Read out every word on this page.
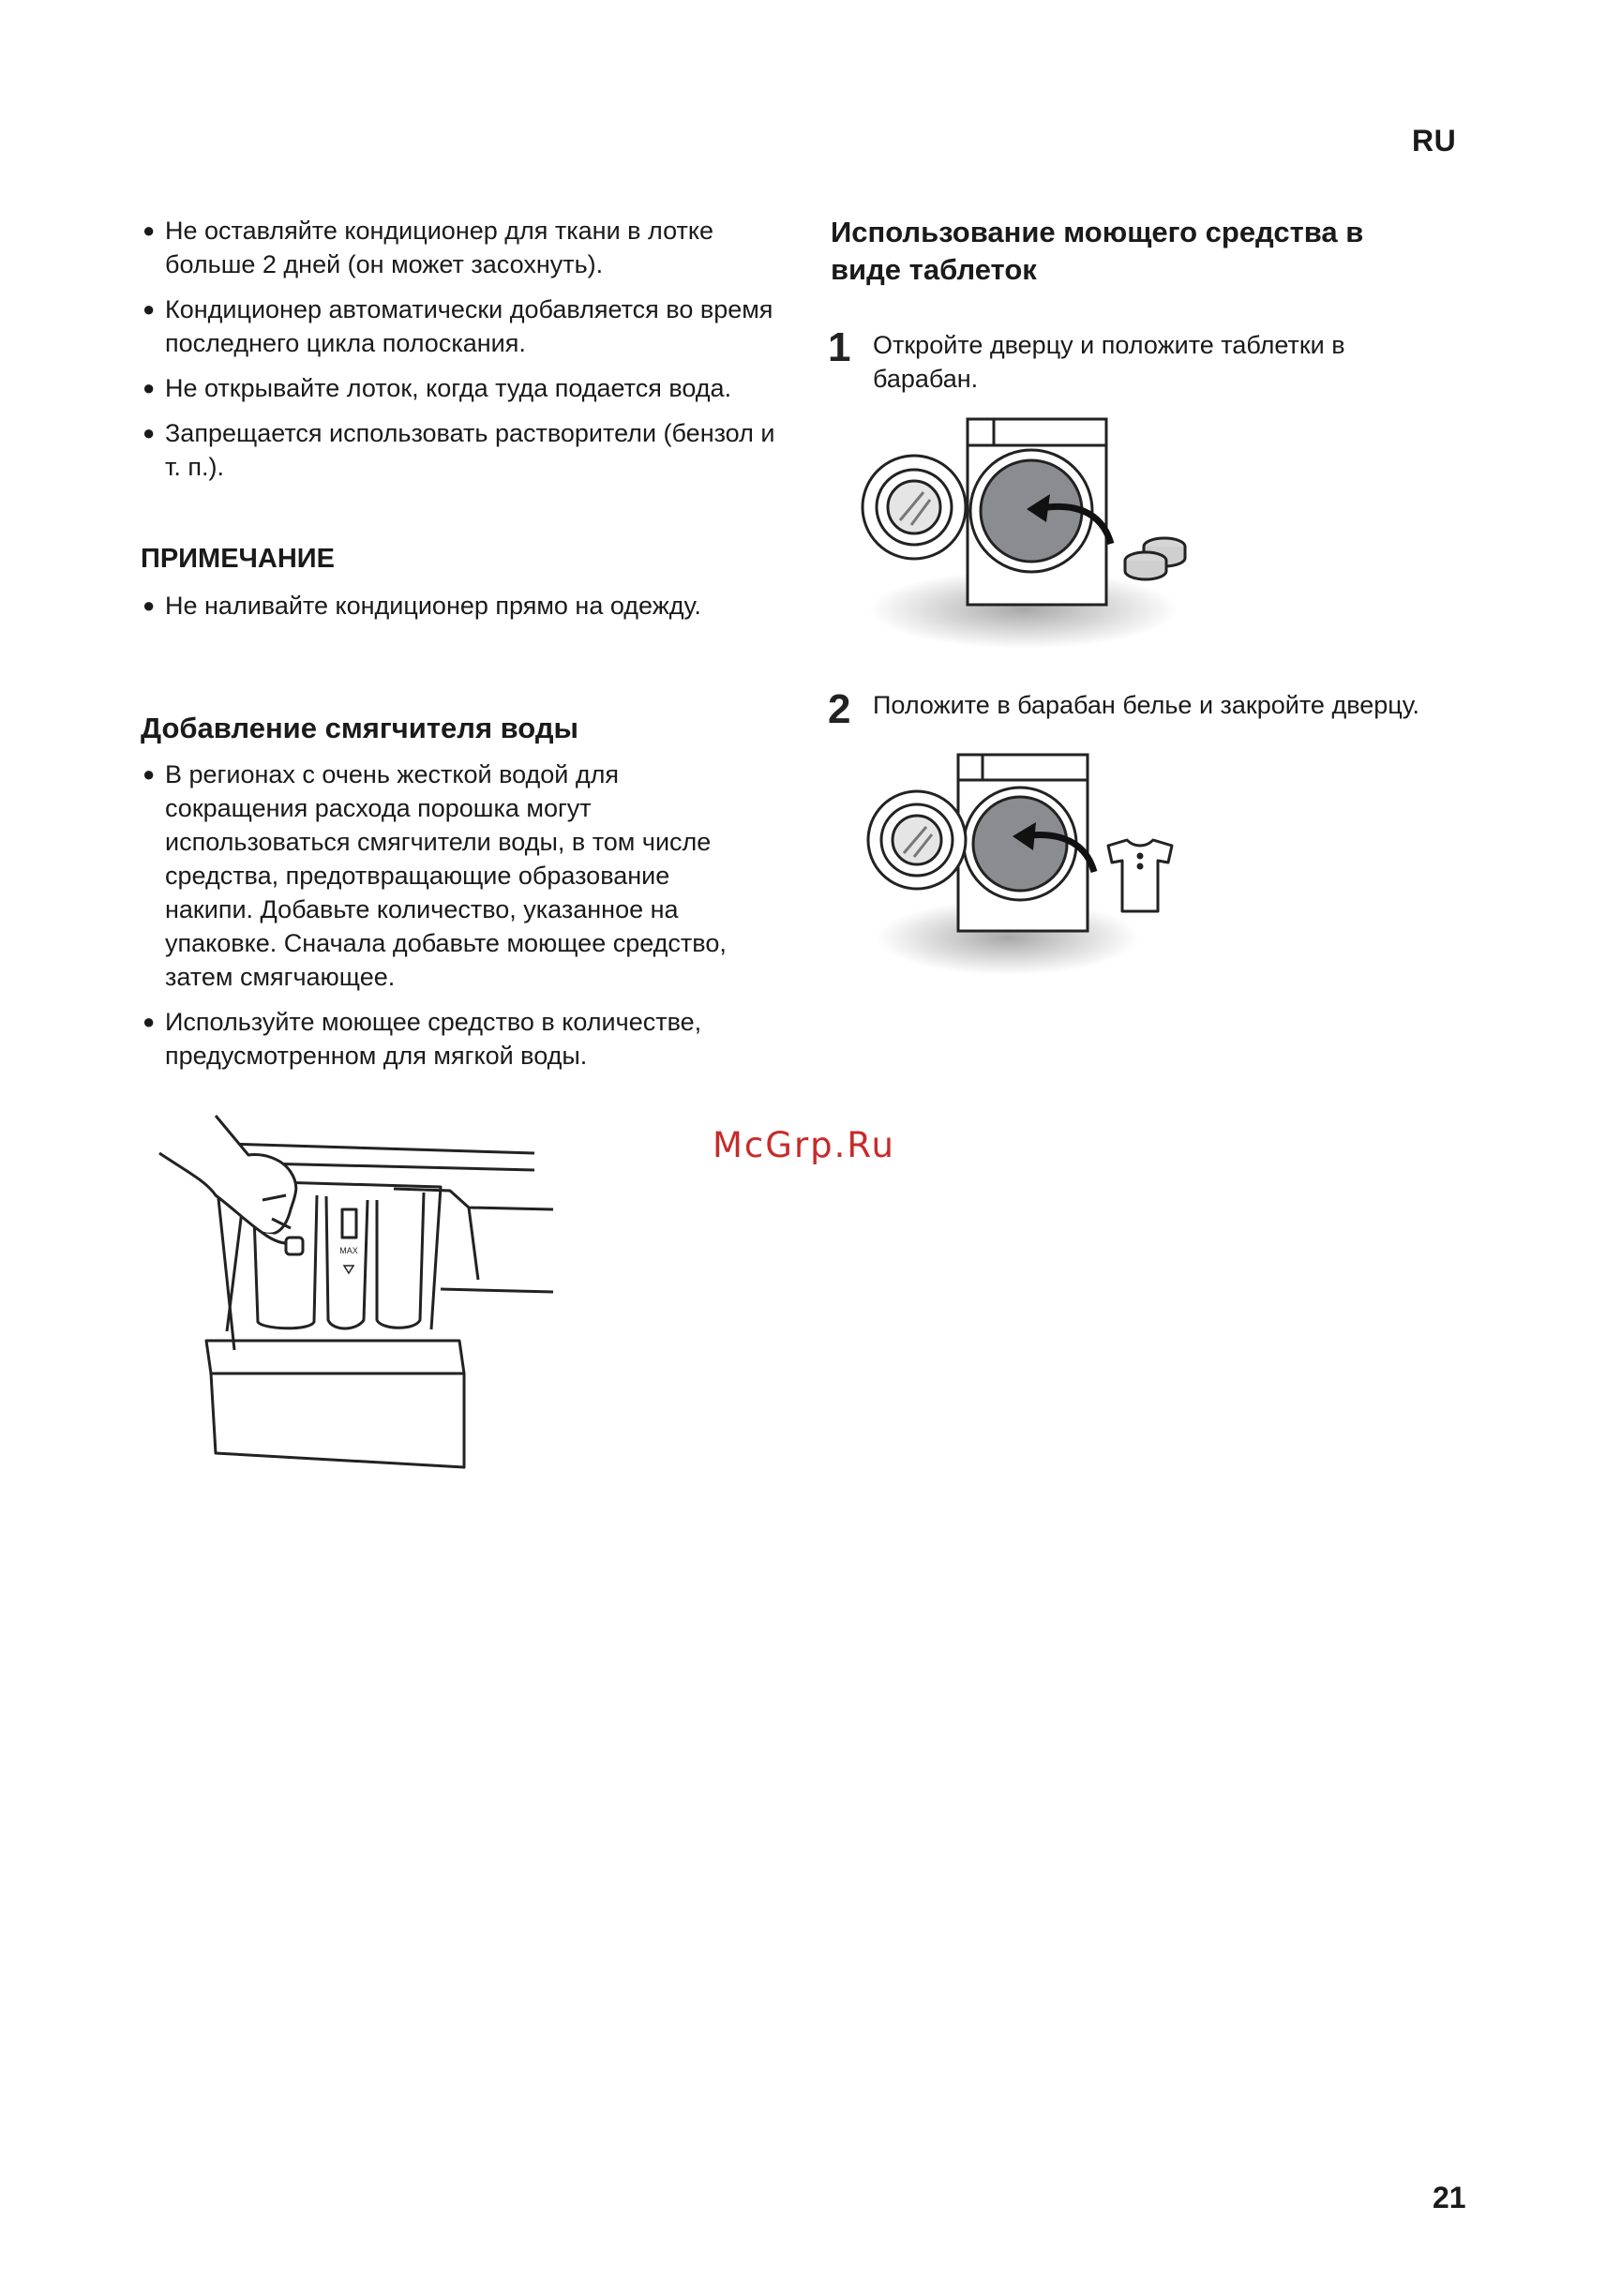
RU
21
● Не оставляйте кондиционер для ткани в лотке больше 2 дней (он может засохнуть).
● Кондиционер автоматически добавляется во время последнего цикла полоскания.
● Не открывайте лоток, когда туда подается вода.
● Запрещается использовать растворители (бензол и т. п.).
ПРИМЕЧАНИЕ
● Не наливайте кондиционер прямо на одежду.
Добавление смягчителя воды
● В регионах с очень жесткой водой для сокращения расхода порошка могут использоваться смягчители воды, в том числе средства, предотвращающие образование накипи. Добавьте количество, указанное на упаковке. Сначала добавьте моющее средство, затем смягчающее.
● Используйте моющее средство в количестве, предусмотренном для мягкой воды.
MAX
Использование моющего средства в виде таблеток
1 Откройте дверцу и положите таблетки в барабан.
2 Положите в барабан белье и закройте дверцу.
McGrp.Ru
